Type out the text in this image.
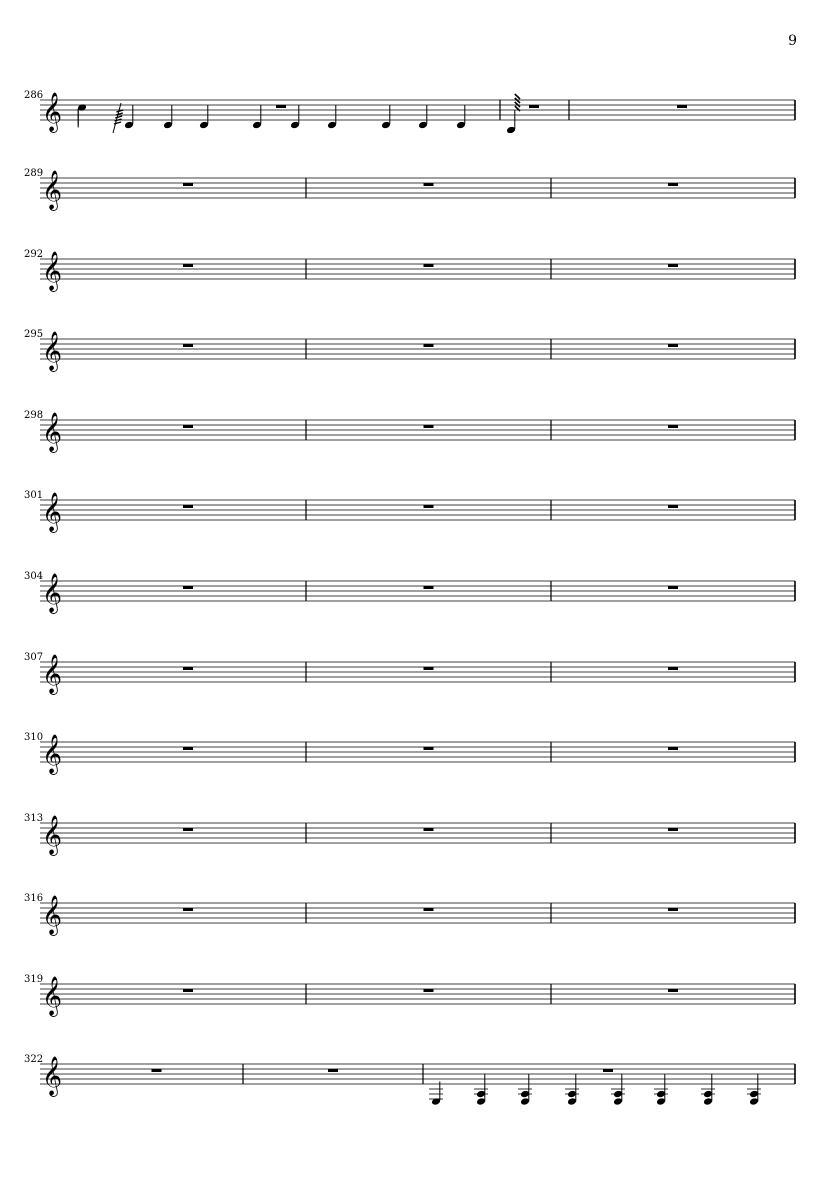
9
286
𝄞
289
𝄞
292
𝄞
295
𝄞
298
𝄞
301
𝄞
304
𝄞
307
𝄞
310
𝄞
313
𝄞
316
𝄞
319
𝄞
322
𝄞
